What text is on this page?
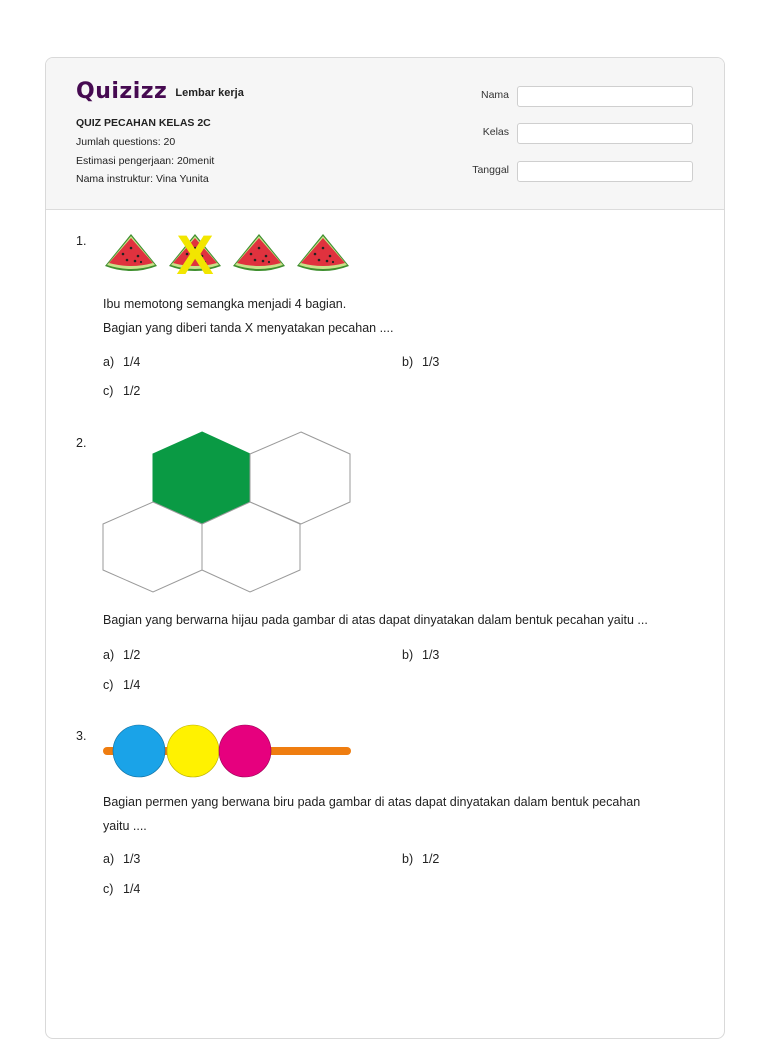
Quizizz Lembar kerja
QUIZ PECAHAN KELAS 2C
Jumlah questions: 20
Estimasi pengerjaan: 20menit
Nama instruktur: Vina Yunita
Nama
Kelas
Tanggal
1. X
Ibu memotong semangka menjadi 4 bagian.
Bagian yang diberi tanda X menyatakan pecahan ....
a) 1/4	b) 1/3
c) 1/2
2.
Bagian yang berwarna hijau pada gambar di atas dapat dinyatakan dalam bentuk pecahan yaitu ...
a) 1/2	b) 1/3
c) 1/4
3.
Bagian permen yang berwana biru pada gambar di atas dapat dinyatakan dalam bentuk pecahan
yaitu ....
a) 1/3	b) 1/2
c) 1/4
